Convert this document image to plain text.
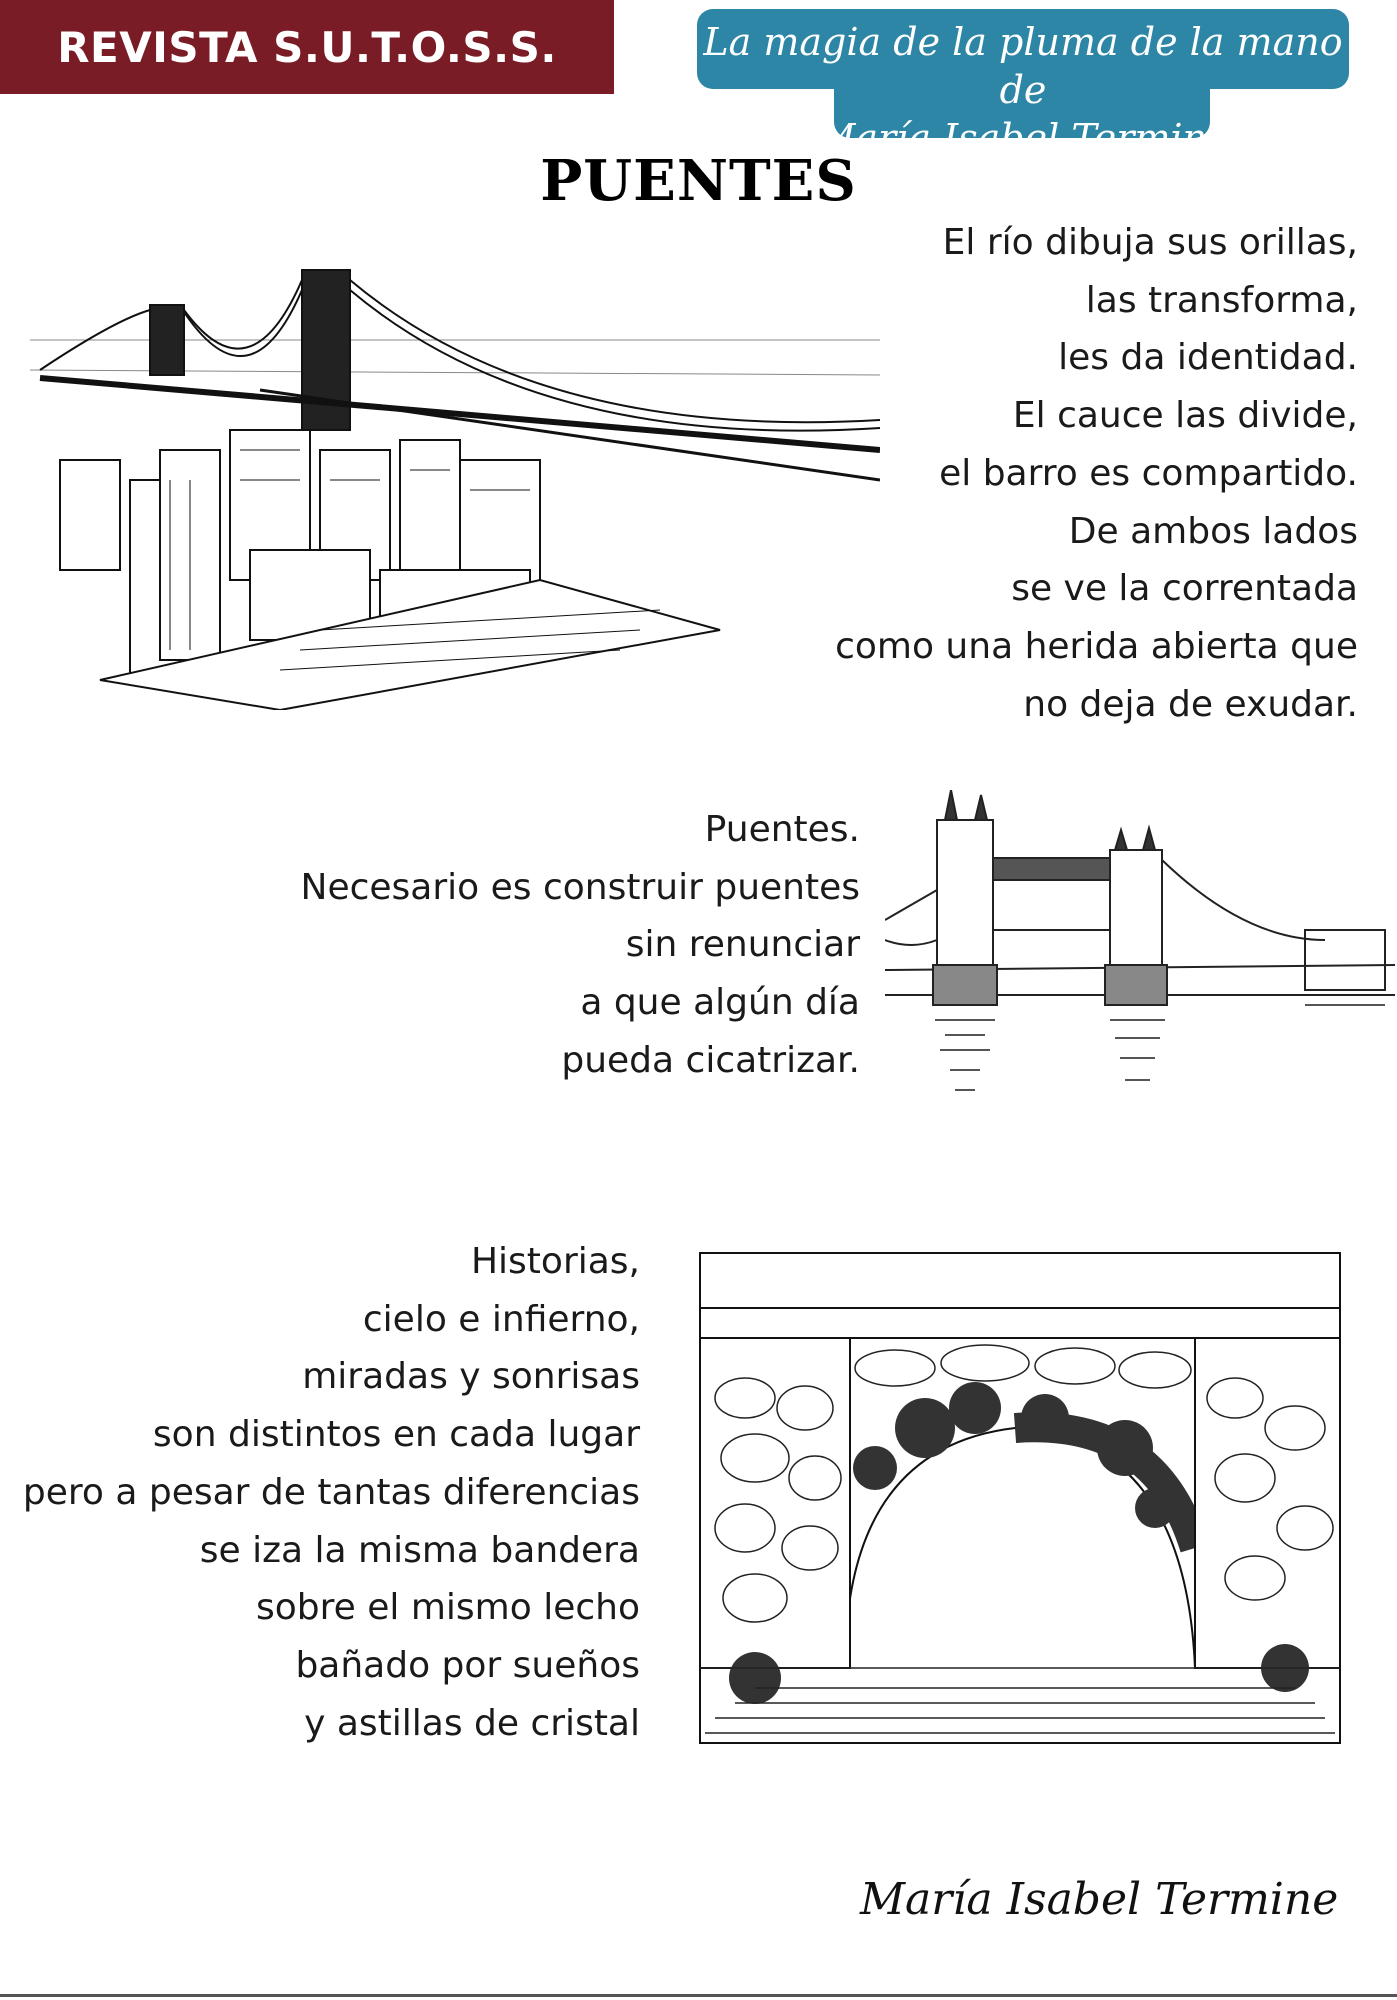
REVISTA S.U.T.O.S.S.	La magia de la pluma de la mano de
María Isabel Termine
PUENTES
El río dibuja sus orillas,
las transforma,
les da identidad.
El cauce las divide,
el barro es compartido.
De ambos lados
se ve la correntada
como una herida abierta que
no deja de exudar.
Puentes.
Necesario es construir puentes
sin renunciar
a que algún día
pueda cicatrizar.
Historias,
cielo e infierno,
miradas y sonrisas
son distintos en cada lugar
pero a pesar de tantas diferencias
se iza la misma bandera
sobre el mismo lecho
bañado por sueños
y astillas de cristal
María Isabel Termine
